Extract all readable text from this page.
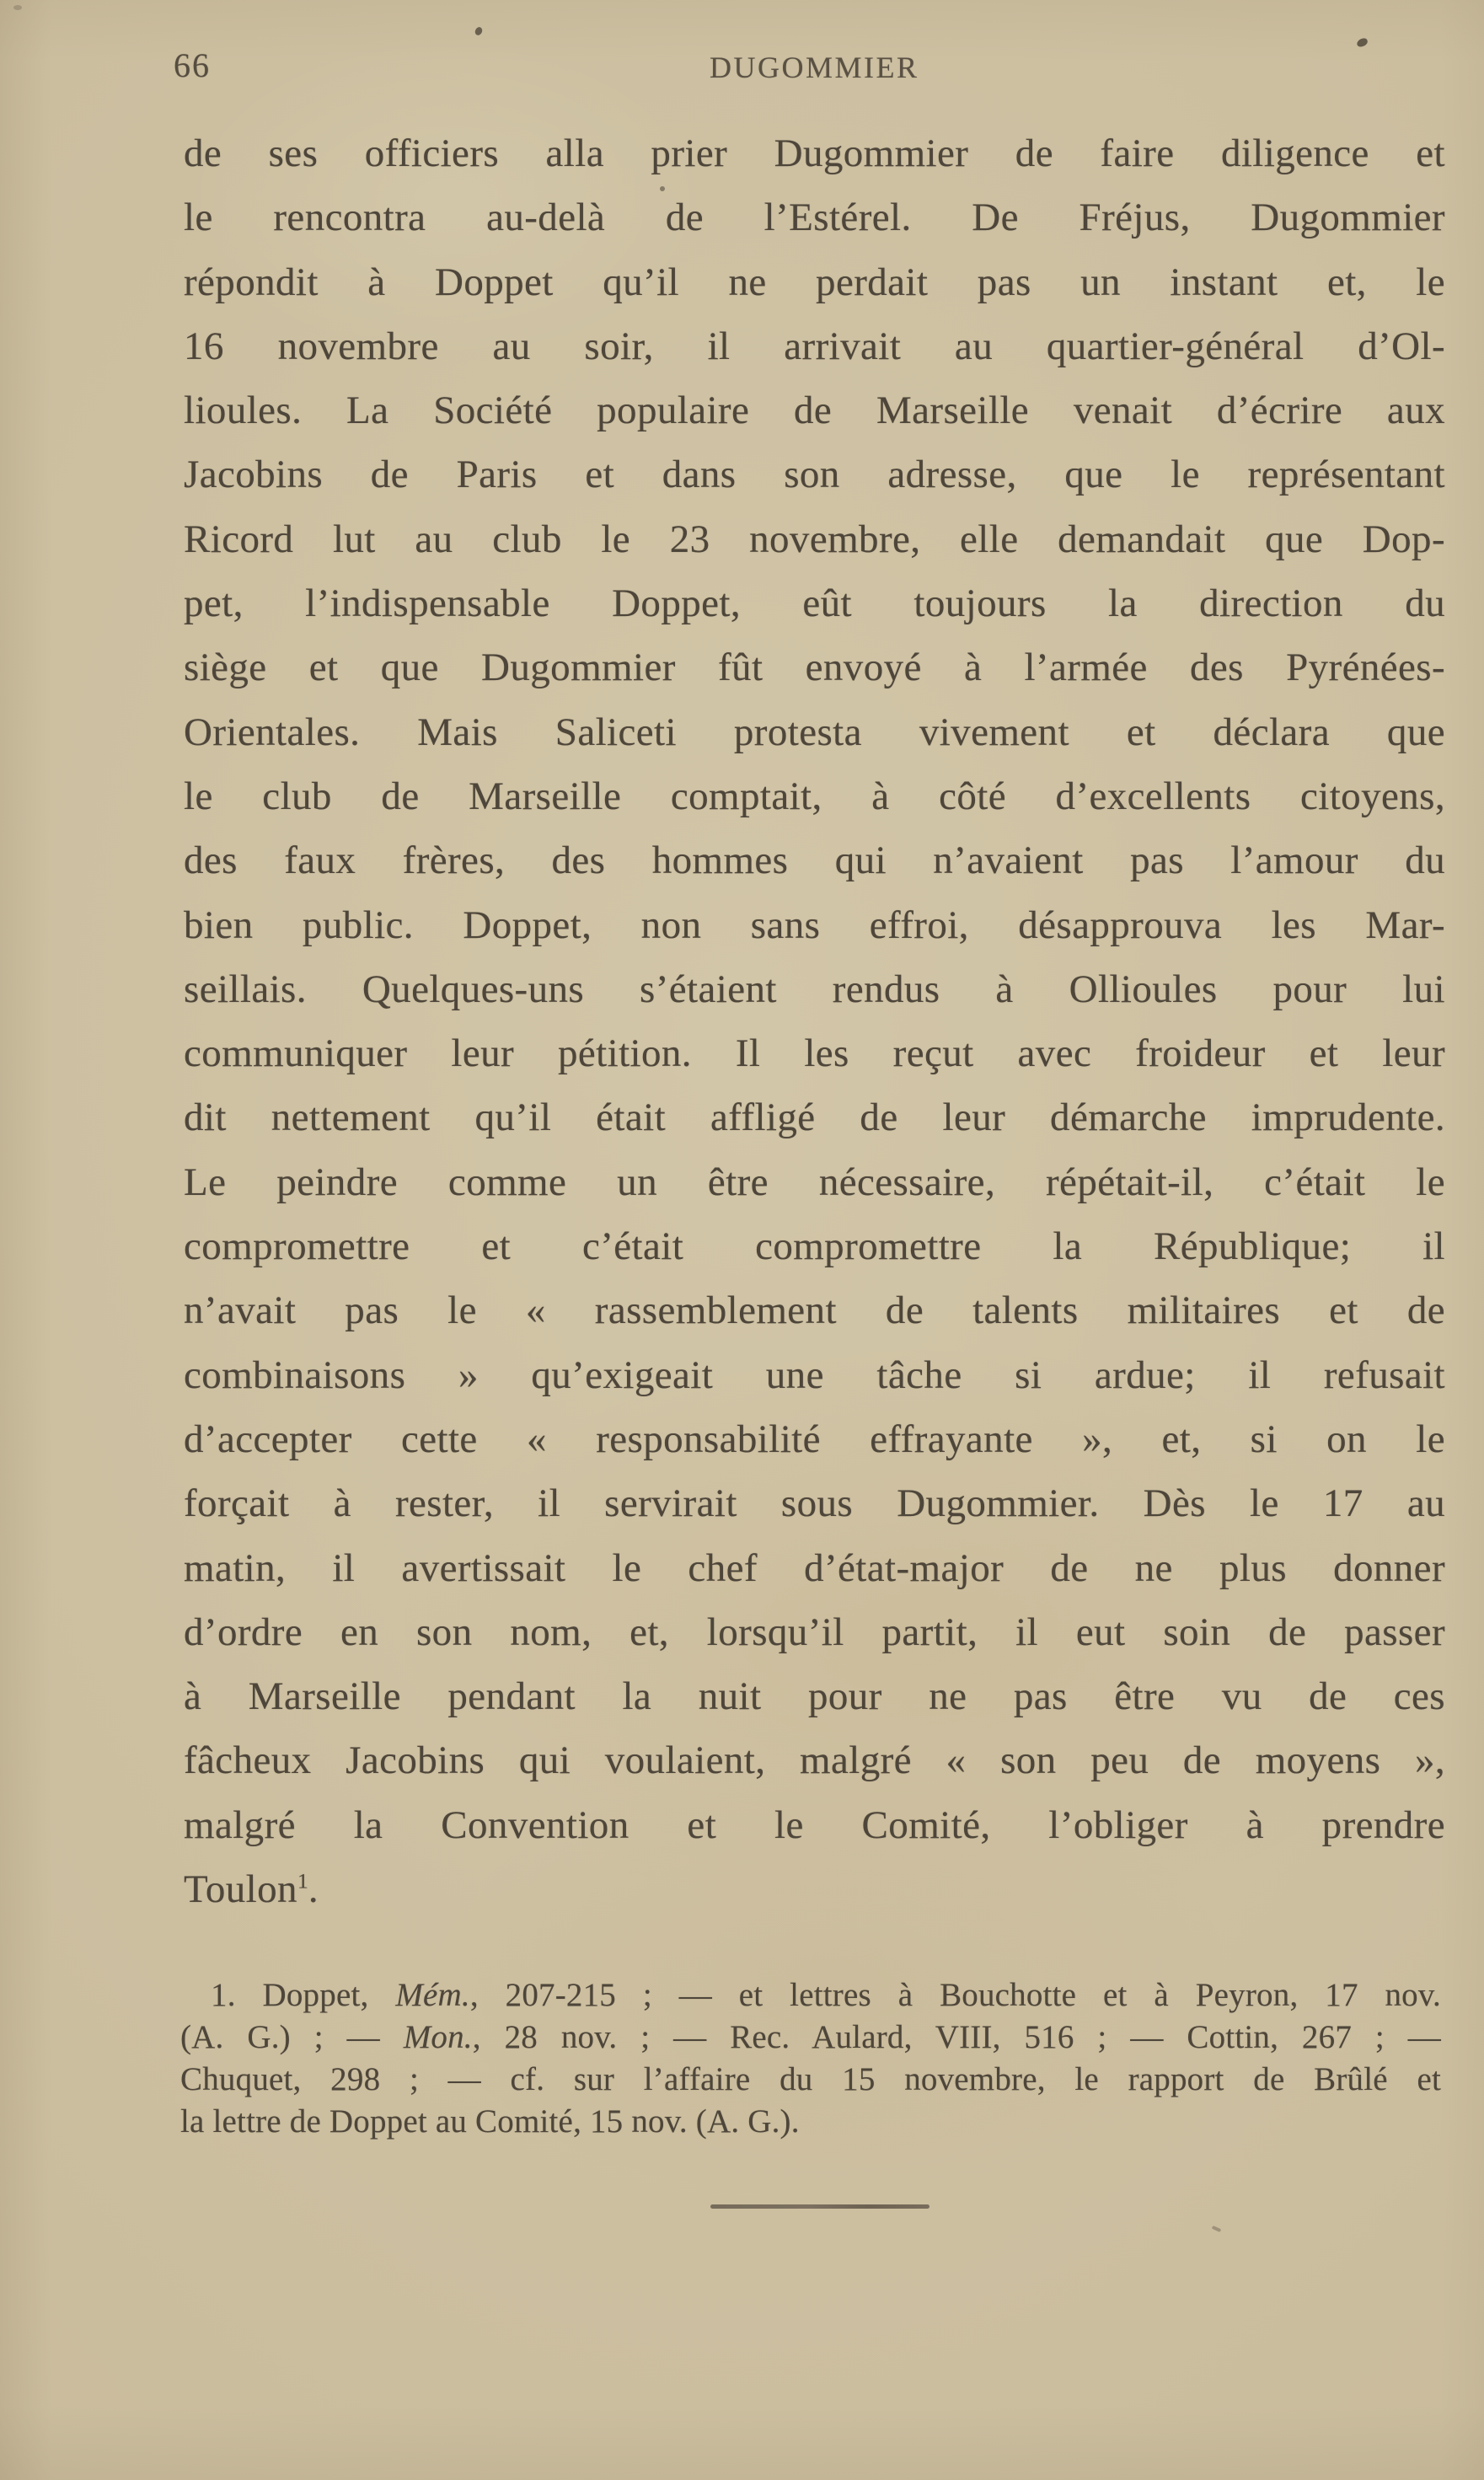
66	DUGOMMIER
de ses officiers alla prier Dugommier de faire diligence et
le rencontra au-delà de l’Estérel. De Fréjus, Dugommier
répondit à Doppet qu’il ne perdait pas un instant et, le
16 novembre au soir, il arrivait au quartier-général d’Ol-
lioules. La Société populaire de Marseille venait d’écrire aux
Jacobins de Paris et dans son adresse, que le représentant
Ricord lut au club le 23 novembre, elle demandait que Dop-
pet, l’indispensable Doppet, eût toujours la direction du
siège et que Dugommier fût envoyé à l’armée des Pyrénées-
Orientales. Mais Saliceti protesta vivement et déclara que
le club de Marseille comptait, à côté d’excellents citoyens,
des faux frères, des hommes qui n’avaient pas l’amour du
bien public. Doppet, non sans effroi, désapprouva les Mar-
seillais. Quelques-uns s’étaient rendus à Ollioules pour lui
communiquer leur pétition. Il les reçut avec froideur et leur
dit nettement qu’il était affligé de leur démarche imprudente.
Le peindre comme un être nécessaire, répétait-il, c’était le
compromettre et c’était compromettre la République; il
n’avait pas le « rassemblement de talents militaires et de
combinaisons » qu’exigeait une tâche si ardue; il refusait
d’accepter cette « responsabilité effrayante », et, si on le
forçait à rester, il servirait sous Dugommier. Dès le 17 au
matin, il avertissait le chef d’état-major de ne plus donner
d’ordre en son nom, et, lorsqu’il partit, il eut soin de passer
à Marseille pendant la nuit pour ne pas être vu de ces
fâcheux Jacobins qui voulaient, malgré « son peu de moyens »,
malgré la Convention et le Comité, l’obliger à prendre
Toulon$^1$.
1. Doppet, Mém., 207-215 ; — et lettres à Bouchotte et à Peyron, 17 nov.
(A. G.) ; — Mon., 28 nov. ; — Rec. Aulard, VIII, 516 ; — Cottin, 267 ; —
Chuquet, 298 ; — cf. sur l’affaire du 15 novembre, le rapport de Brûlé et
la lettre de Doppet au Comité, 15 nov. (A. G.).
